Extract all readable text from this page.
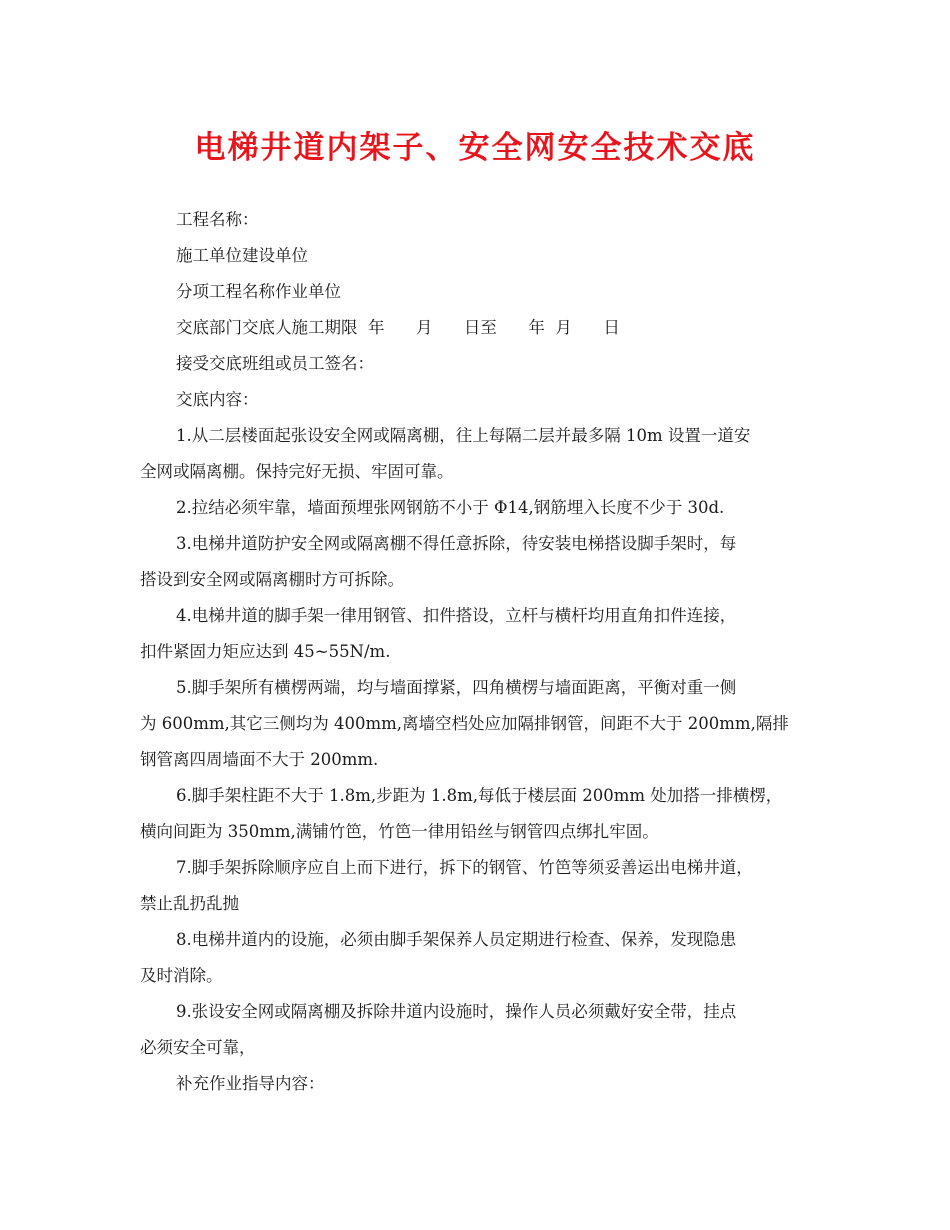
电梯井道内架子、安全网安全技术交底
工程名称：
施工单位建设单位
分项工程名称作业单位
交底部门交底人施工期限  年      月      日至      年  月      日
接受交底班组或员工签名：
交底内容：
1.从二层楼面起张设安全网或隔离棚，往上每隔二层并最多隔 10m 设置一道安
全网或隔离棚。保持完好无损、牢固可靠。
2.拉结必须牢靠，墙面预埋张网钢筋不小于 Φ14,钢筋埋入长度不少于 30d.
3.电梯井道防护安全网或隔离棚不得任意拆除，待安装电梯搭设脚手架时，每
搭设到安全网或隔离棚时方可拆除。
4.电梯井道的脚手架一律用钢管、扣件搭设，立杆与横杆均用直角扣件连接，
扣件紧固力矩应达到 45~55N/m.
5.脚手架所有横楞两端，均与墙面撑紧，四角横楞与墙面距离，平衡对重一侧
为 600mm,其它三侧均为 400mm,离墙空档处应加隔排钢管，间距不大于 200mm,隔排
钢管离四周墙面不大于 200mm.
6.脚手架柱距不大于 1.8m,步距为 1.8m,每低于楼层面 200mm 处加搭一排横楞，
横向间距为 350mm,满铺竹笆，竹笆一律用铅丝与钢管四点绑扎牢固。
7.脚手架拆除顺序应自上而下进行，拆下的钢管、竹笆等须妥善运出电梯井道，
禁止乱扔乱抛
8.电梯井道内的设施，必须由脚手架保养人员定期进行检查、保养，发现隐患
及时消除。
9.张设安全网或隔离棚及拆除井道内设施时，操作人员必须戴好安全带，挂点
必须安全可靠，
补充作业指导内容：
